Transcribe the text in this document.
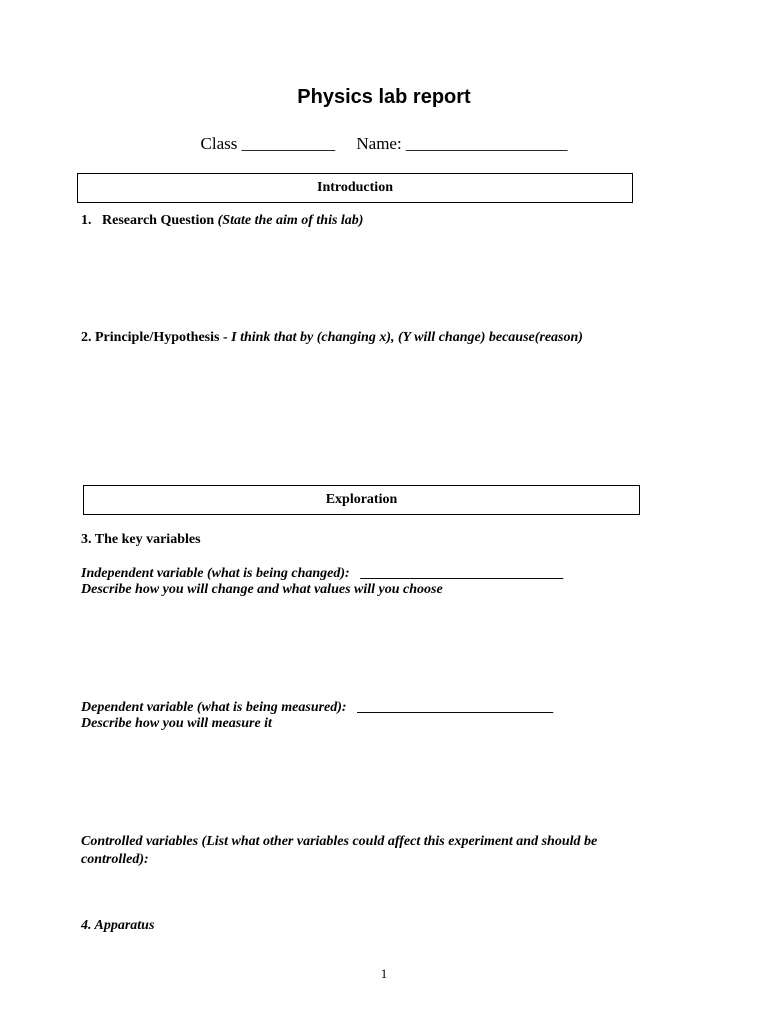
Physics lab report
Class ___________ Name: ___________________
Introduction
1. Research Question (State the aim of this lab)
2. Principle/Hypothesis - I think that by (changing x), (Y will change) because(reason)
Exploration
3. The key variables
Independent variable (what is being changed): _____________________________
Describe how you will change and what values will you choose
Dependent variable (what is being measured): ____________________________
Describe how you will measure it
Controlled variables (List what other variables could affect this experiment and should be
controlled):
4. Apparatus
1
